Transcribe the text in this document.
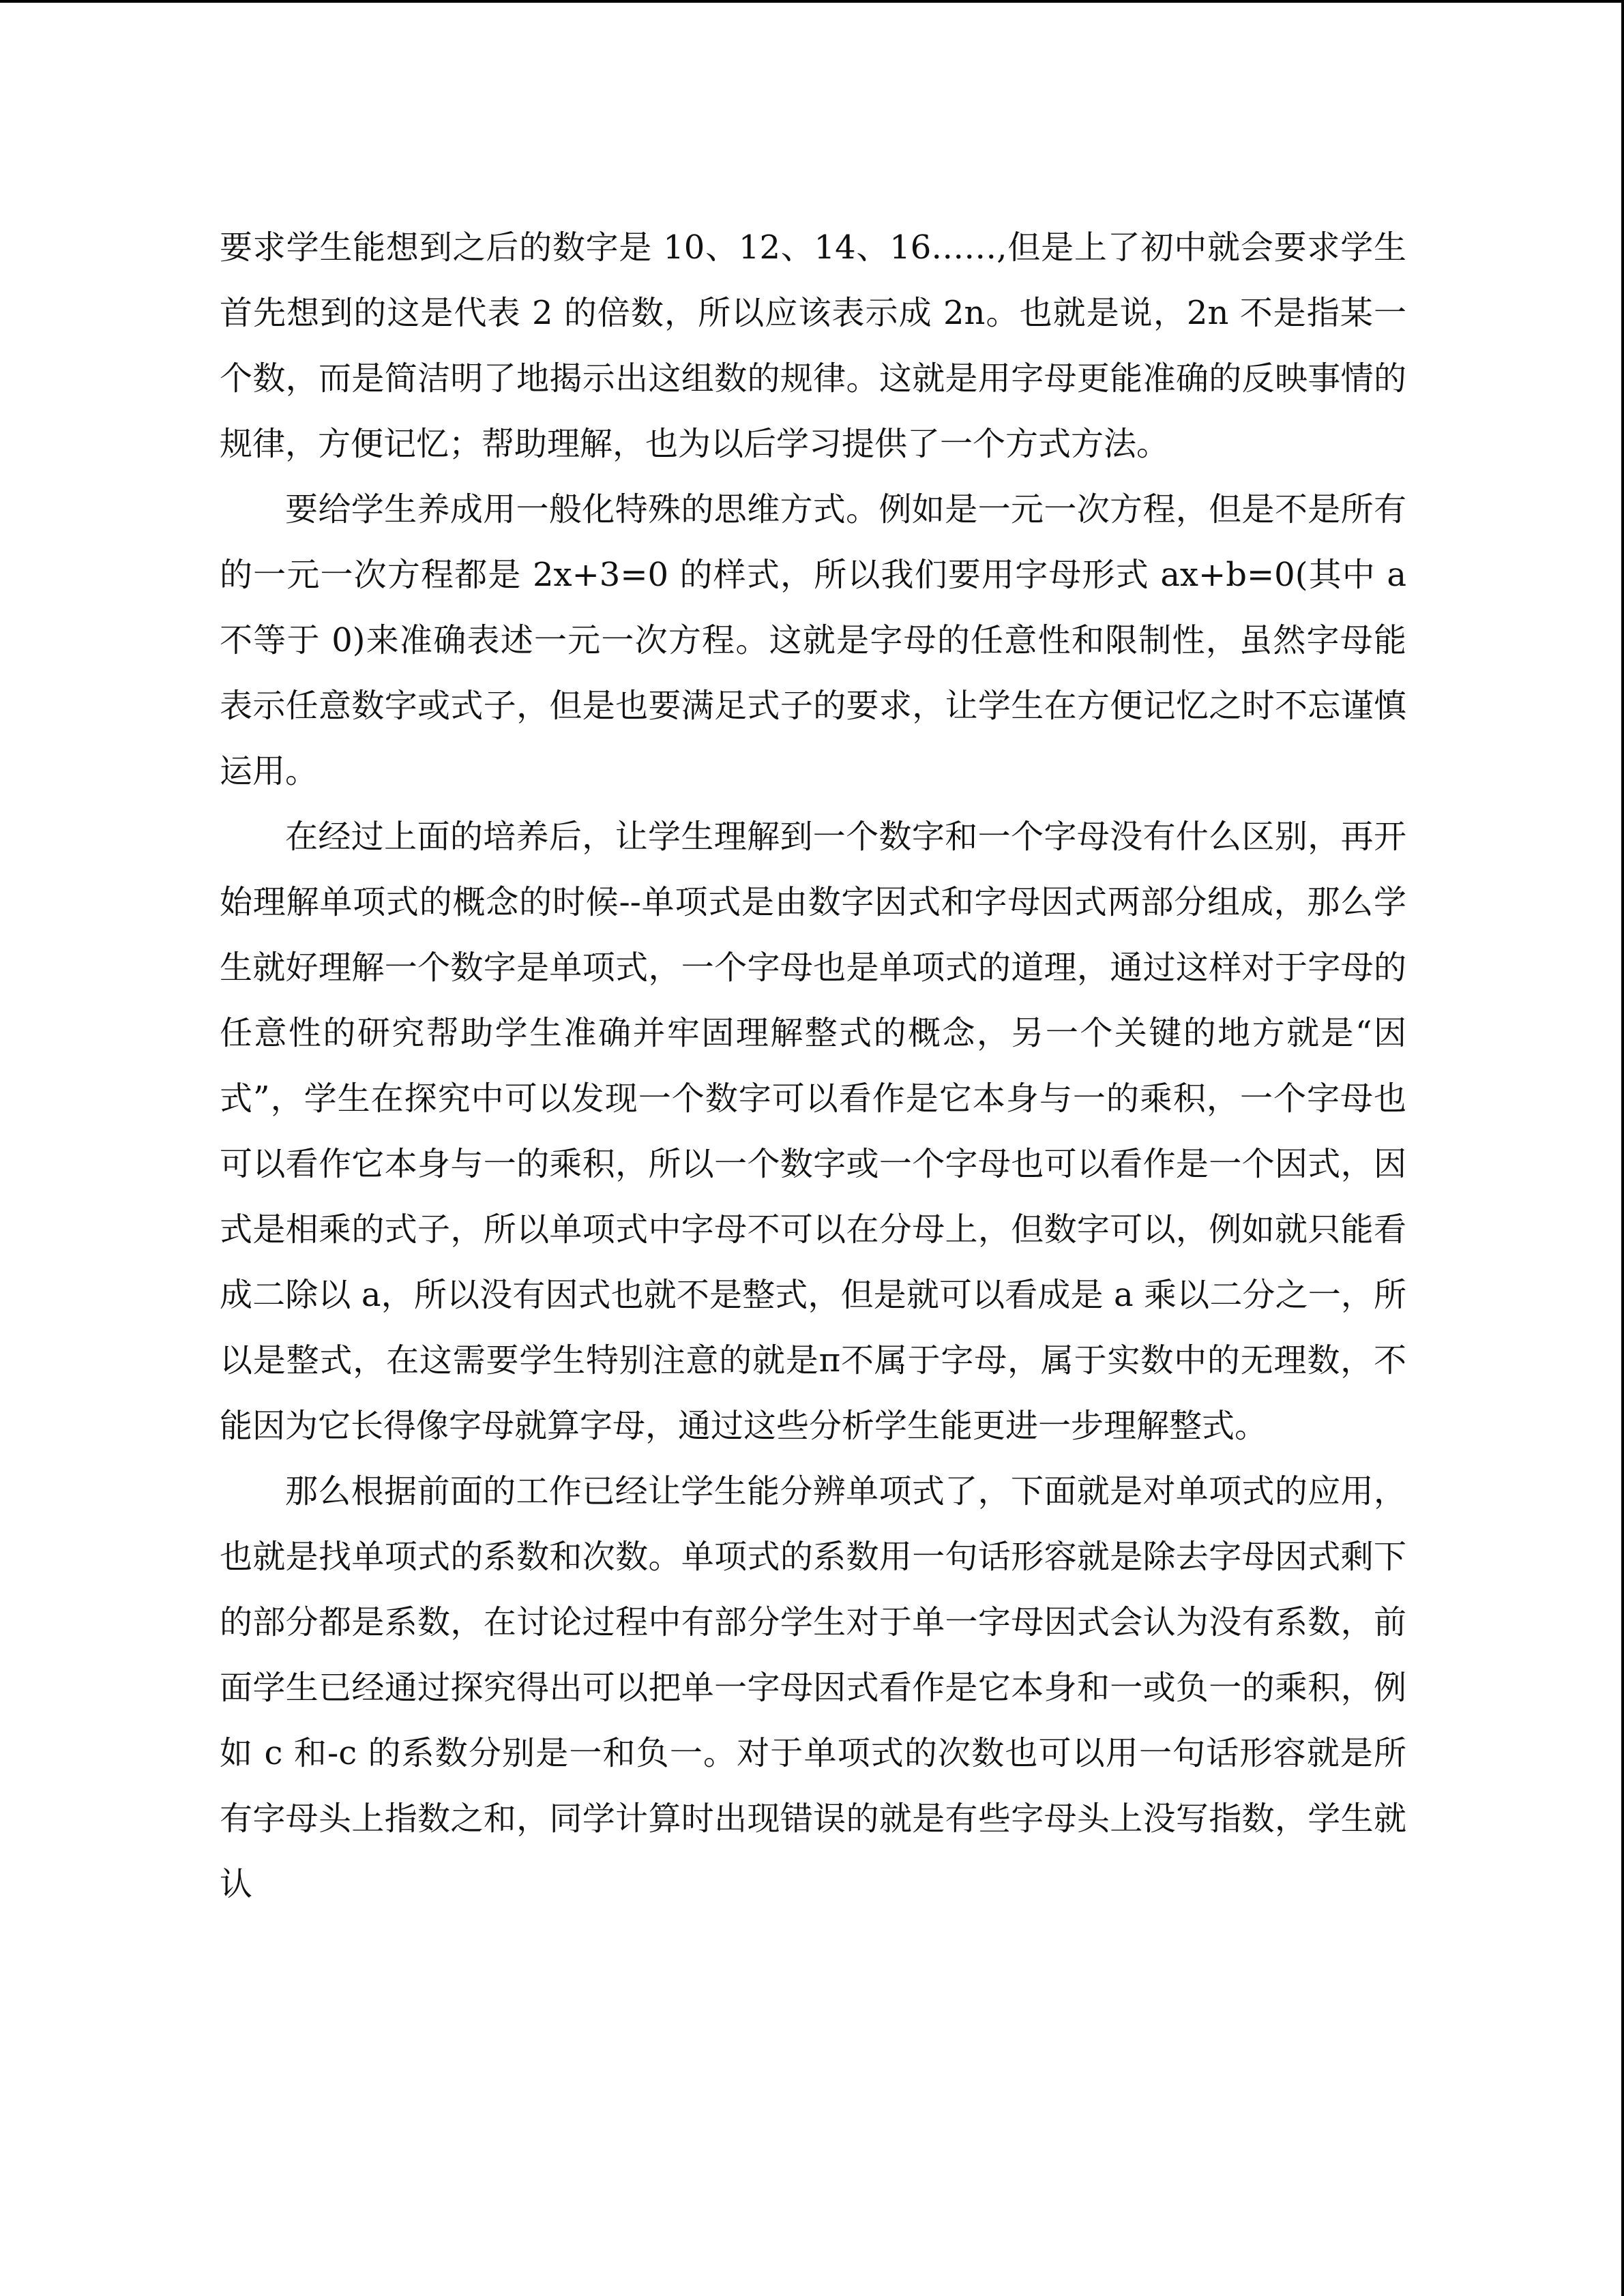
要求学生能想到之后的数字是 10、12、14、16……,但是上了初中就会要求学生首先想到的这是代表 2 的倍数，所以应该表示成 2n。也就是说，2n 不是指某一个数，而是简洁明了地揭示出这组数的规律。这就是用字母更能准确的反映事情的规律，方便记忆；帮助理解，也为以后学习提供了一个方式方法。

要给学生养成用一般化特殊的思维方式。例如是一元一次方程，但是不是所有的一元一次方程都是 2x+3=0 的样式，所以我们要用字母形式 ax+b=0(其中 a 不等于 0)来准确表述一元一次方程。这就是字母的任意性和限制性，虽然字母能表示任意数字或式子，但是也要满足式子的要求，让学生在方便记忆之时不忘谨慎运用。

在经过上面的培养后，让学生理解到一个数字和一个字母没有什么区别，再开始理解单项式的概念的时候--单项式是由数字因式和字母因式两部分组成，那么学生就好理解一个数字是单项式，一个字母也是单项式的道理，通过这样对于字母的任意性的研究帮助学生准确并牢固理解整式的概念，另一个关键的地方就是“因式”，学生在探究中可以发现一个数字可以看作是它本身与一的乘积，一个字母也可以看作它本身与一的乘积，所以一个数字或一个字母也可以看作是一个因式，因式是相乘的式子，所以单项式中字母不可以在分母上，但数字可以，例如就只能看成二除以 a，所以没有因式也就不是整式，但是就可以看成是 a 乘以二分之一，所以是整式，在这需要学生特别注意的就是π不属于字母，属于实数中的无理数，不能因为它长得像字母就算字母，通过这些分析学生能更进一步理解整式。

那么根据前面的工作已经让学生能分辨单项式了，下面就是对单项式的应用，也就是找单项式的系数和次数。单项式的系数用一句话形容就是除去字母因式剩下的部分都是系数，在讨论过程中有部分学生对于单一字母因式会认为没有系数，前面学生已经通过探究得出可以把单一字母因式看作是它本身和一或负一的乘积，例如 c 和-c 的系数分别是一和负一。对于单项式的次数也可以用一句话形容就是所有字母头上指数之和，同学计算时出现错误的就是有些字母头上没写指数，学生就认
